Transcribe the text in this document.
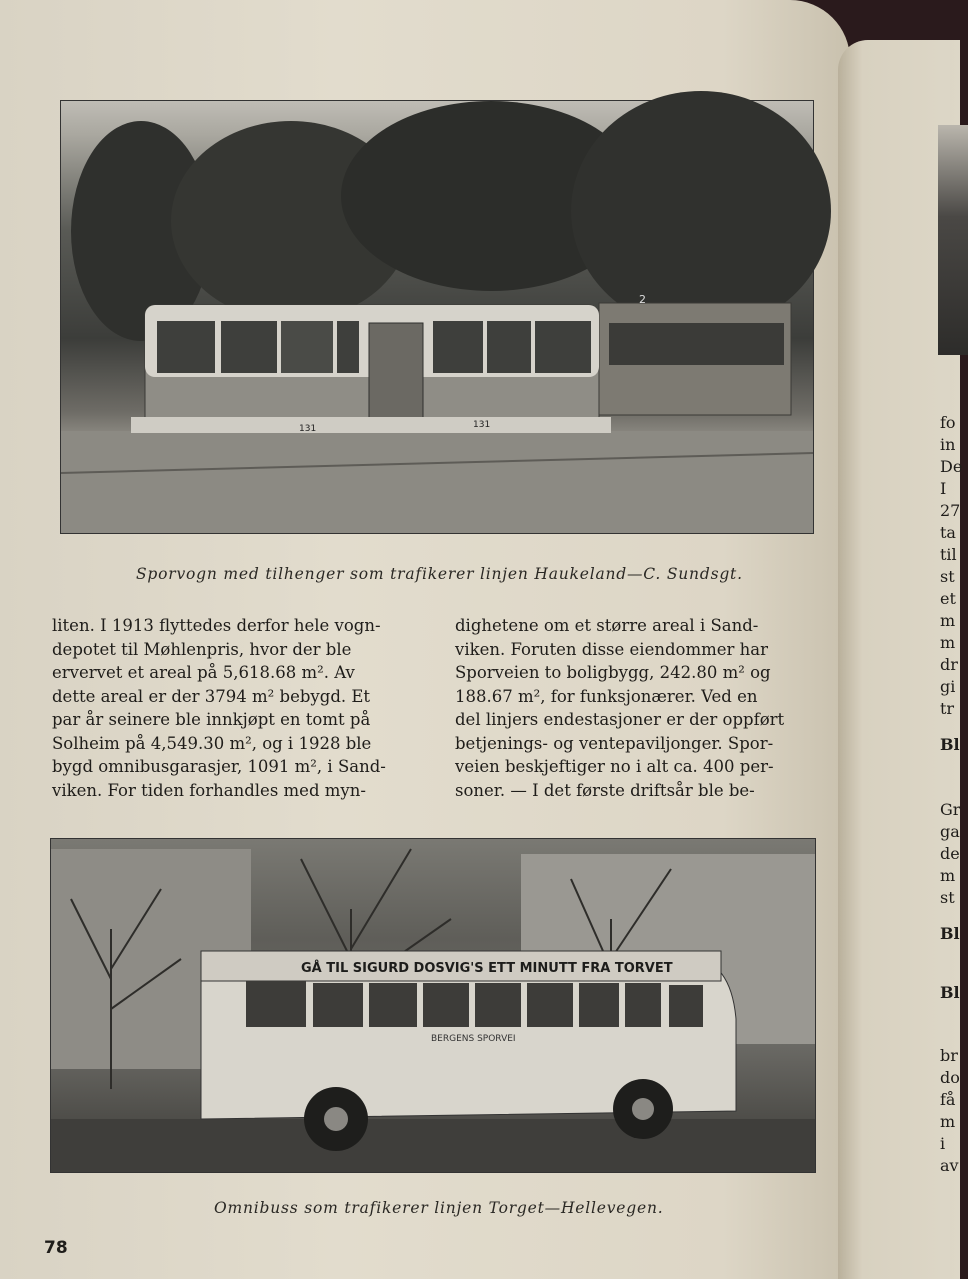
2
131	131
Sporvogn med tilhenger som trafikerer linjen Haukeland—C. Sundsgt.
liten. I 1913 flyttedes derfor hele vogn-
depotet til Møhlenpris, hvor der ble
ervervet et areal på 5,618.68 m². Av
dette areal er der 3794 m² bebygd. Et
par år seinere ble innkjøpt en tomt på
Solheim på 4,549.30 m², og i 1928 ble
bygd omnibusgarasjer, 1091 m², i Sand-
viken. For tiden forhandles med myn-
dighetene om et større areal i Sand-
viken. Foruten disse eiendommer har
Sporveien to boligbygg, 242.80 m² og
188.67 m², for funksjonærer. Ved en
del linjers endestasjoner er der oppført
betjenings- og ventepaviljonger. Spor-
veien beskjeftiger no i alt ca. 400 per-
soner. — I det første driftsår ble be-
GÅ TIL SIGURD DOSVIG'S ETT MINUTT FRA TORVET
BERGENS SPORVEI
Omnibuss som trafikerer linjen Torget—Hellevegen.
78
fo
in
De
I
27
ta
til
st
et
m
m
dr
gi
tr
Bl
Gr
ga
de
m
st
Bl
Bl
br
do
få
m
i
av
